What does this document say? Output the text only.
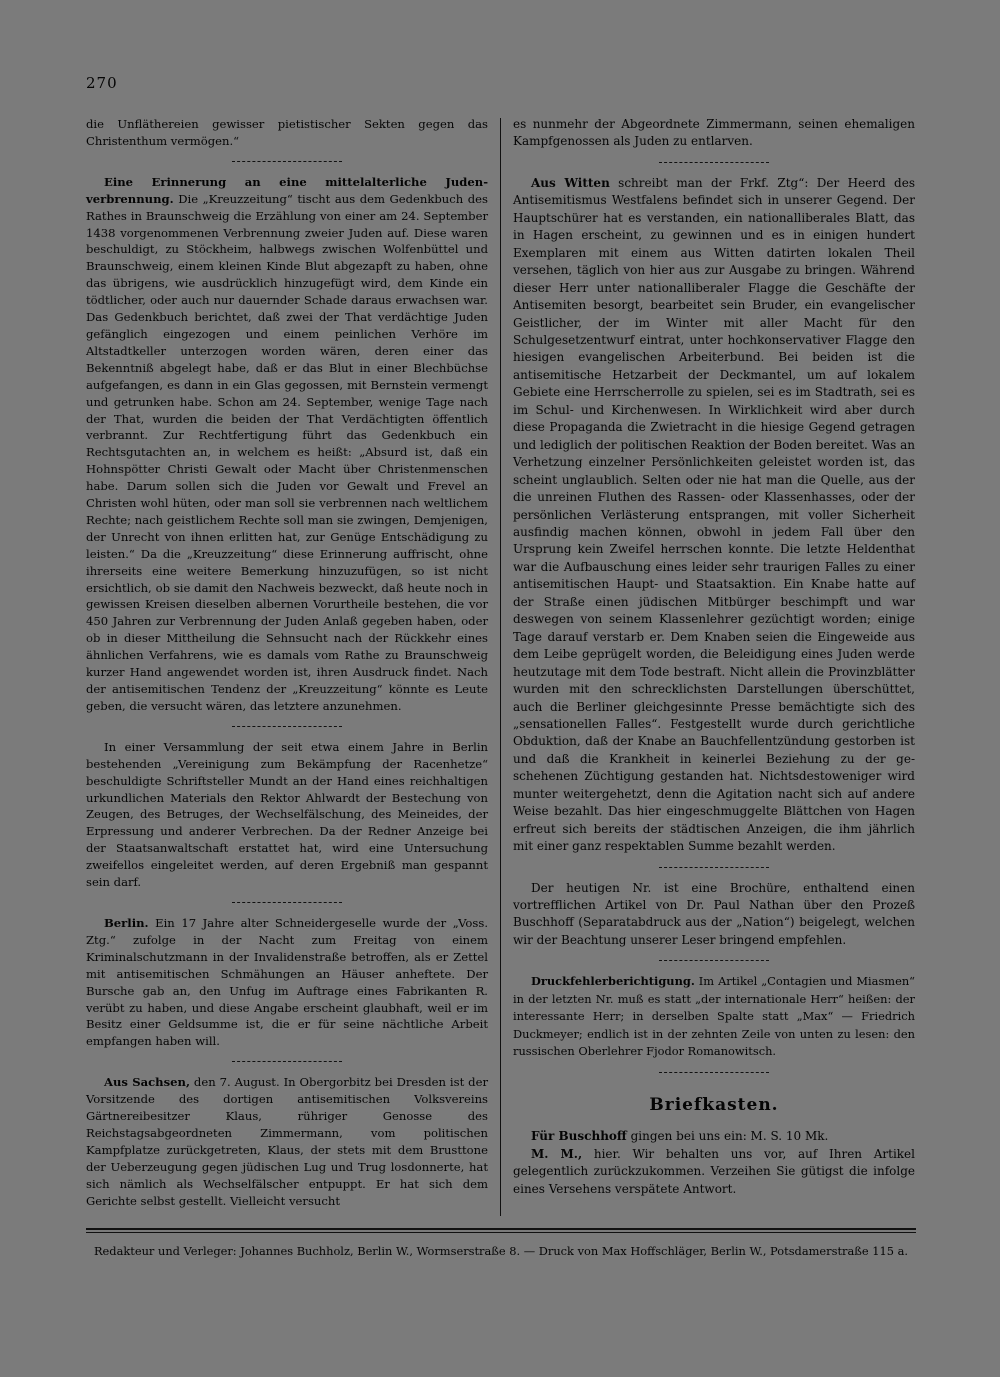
270

die Unfläthereien gewisser pietistischer Sekten gegen das Christenthum vermögen.“

Eine Erinnerung an eine mittelalterliche Judenverbrennung. Die „Kreuzzeitung“ tischt aus dem Gedenkbuch des Rathes in Braunschweig die Erzählung von einer am 24. September 1438 vorgenommenen Verbrennung zweier Juden auf. Diese waren beschuldigt, zu Stöckheim, halbwegs zwischen Wolfenbüttel und Braunschweig, einem kleinen Kinde Blut abgezapft zu haben, ohne das übrigens, wie ausdrücklich hinzugefügt wird, dem Kinde ein tödtlicher, oder auch nur dauernder Schade daraus erwachsen war. Das Gedenkbuch berichtet, daß zwei der That verdächtige Juden gefänglich eingezogen und einem peinlichen Verhöre im Altstadtkeller unterzogen worden wären, deren einer das Bekenntniß abgelegt habe, daß er das Blut in einer Blechbüchse aufgefangen, es dann in ein Glas gegossen, mit Bernstein vermengt und getrunken habe. Schon am 24. September, wenige Tage nach der That, wurden die beiden der That Verdächtigten öffentlich verbrannt. Zur Rechtfertigung führt das Gedenkbuch ein Rechtsgutachten an, in welchem es heißt: „Absurd ist, daß ein Hohnspötter Christi Gewalt oder Macht über Christenmenschen habe. Darum sollen sich die Juden vor Gewalt und Frevel an Christen wohl hüten, oder man soll sie verbrennen nach weltlichem Rechte; nach geistlichem Rechte soll man sie zwingen, Demjenigen, der Unrecht von ihnen erlitten hat, zur Genüge Entschädigung zu leisten.“ Da die „Kreuzzeitung“ diese Erinnerung auffrischt, ohne ihrerseits eine weitere Bemerkung hinzuzufügen, so ist nicht ersichtlich, ob sie damit den Nachweis bezweckt, daß heute noch in gewissen Kreisen dieselben albernen Vorurtheile bestehen, die vor 450 Jahren zur Verbrennung der Juden Anlaß gegeben haben, oder ob in dieser Mittheilung die Sehnsucht nach der Rückkehr eines ähnlichen Verfahrens, wie es damals vom Rathe zu Braunschweig kurzer Hand angewendet worden ist, ihren Ausdruck findet. Nach der antisemitischen Tendenz der „Kreuzzeitung“ könnte es Leute geben, die versucht wären, das letztere anzunehmen.

In einer Versammlung der seit etwa einem Jahre in Berlin bestehenden „Vereinigung zum Bekämpfung der Racenhetze“ beschuldigte Schriftsteller Mundt an der Hand eines reichhaltigen urkundlichen Materials den Rektor Ahlwardt der Bestechung von Zeugen, des Betruges, der Wechselfälschung, des Meineides, der Erpressung und anderer Verbrechen. Da der Redner Anzeige bei der Staatsanwaltschaft erstattet hat, wird eine Untersuchung zweifellos eingeleitet werden, auf deren Ergebniß man gespannt sein darf.

Berlin. Ein 17 Jahre alter Schneidergeselle wurde der „Voss. Ztg.“ zufolge in der Nacht zum Freitag von einem Kriminalschutzmann in der Invalidenstraße betroffen, als er Zettel mit antisemitischen Schmähungen an Häuser anheftete. Der Bursche gab an, den Unfug im Auftrage eines Fabrikanten R. verübt zu haben, und diese Angabe erscheint glaubhaft, weil er im Besitz einer Geldsumme ist, die er für seine nächtliche Arbeit empfangen haben will.

Aus Sachsen, den 7. August. In Obergorbitz bei Dresden ist der Vorsitzende des dortigen antisemitischen Volksvereins Gärtnereibesitzer Klaus, rühriger Genosse des Reichstagsabgeordneten Zimmermann, vom politischen Kampfplatze zurückgetreten, Klaus, der stets mit dem Brusttone der Ueberzeugung gegen jüdischen Lug und Trug losdonnerte, hat sich nämlich als Wechselfälscher entpuppt. Er hat sich dem Gerichte selbst gestellt. Vielleicht versucht

es nunmehr der Abgeordnete Zimmermann, seinen ehemaligen Kampfgenossen als Juden zu entlarven.

Aus Witten schreibt man der Frkf. Ztg“: Der Heerd des Antisemitismus Westfalens befindet sich in unserer Gegend. Der Hauptschürer hat es verstanden, ein nationalliberales Blatt, das in Hagen erscheint, zu gewinnen und es in einigen hundert Exemplaren mit einem aus Witten datirten lokalen Theil versehen, täglich von hier aus zur Ausgabe zu bringen. Während dieser Herr unter nationalliberaler Flagge die Geschäfte der Antisemiten besorgt, bearbeitet sein Bruder, ein evangelischer Geistlicher, der im Winter mit aller Macht für den Schulgesetzentwurf eintrat, unter hochkonservativer Flagge den hiesigen evangelischen Arbeiterbund. Bei beiden ist die antisemitische Hetzarbeit der Deckmantel, um auf lokalem Gebiete eine Herrscherrolle zu spielen, sei es im Stadtrath, sei es im Schul- und Kirchenwesen. In Wirklichkeit wird aber durch diese Propaganda die Zwietracht in die hiesige Gegend getragen und lediglich der politischen Reaktion der Boden bereitet. Was an Verhetzung einzelner Persönlichkeiten geleistet worden ist, das scheint unglaublich. Selten oder nie hat man die Quelle, aus der die unreinen Fluthen des Rassen- oder Klassenhasses, oder der persönlichen Verlästerung entsprangen, mit voller Sicherheit ausfindig machen können, obwohl in jedem Fall über den Ursprung kein Zweifel herrschen konnte. Die letzte Heldenthat war die Aufbauschung eines leider sehr traurigen Falles zu einer antisemitischen Haupt- und Staatsaktion. Ein Knabe hatte auf der Straße einen jüdischen Mitbürger beschimpft und war deswegen von seinem Klassenlehrer gezüchtigt worden; einige Tage darauf verstarb er. Dem Knaben seien die Eingeweide aus dem Leibe geprügelt worden, die Beleidigung eines Juden werde heutzutage mit dem Tode bestraft. Nicht allein die Provinzblätter wurden mit den schrecklichsten Darstellungen überschüttet, auch die Berliner gleichgesinnte Presse bemächtigte sich des „sensationellen Falles“. Festgestellt wurde durch gerichtliche Obduktion, daß der Knabe an Bauchfellentzündung gestorben ist und daß die Krankheit in keinerlei Beziehung zu der geschehenen Züchtigung gestanden hat. Nichtsdestoweniger wird munter weitergehetzt, denn die Agitation nacht sich auf andere Weise bezahlt. Das hier eingeschmuggelte Blättchen von Hagen erfreut sich bereits der städtischen Anzeigen, die ihm jährlich mit einer ganz respektablen Summe bezahlt werden.

Der heutigen Nr. ist eine Brochüre, enthaltend einen vortrefflichen Artikel von Dr. Paul Nathan über den Prozeß Buschhoff (Separatabdruck aus der „Nation“) beigelegt, welchen wir der Beachtung unserer Leser bringend empfehlen.

Druckfehlerberichtigung. Im Artikel „Contagien und Miasmen“ in der letzten Nr. muß es statt „der internationale Herr“ heißen: der interessante Herr; in derselben Spalte statt „Max“ — Friedrich Duckmeyer; endlich ist in der zehnten Zeile von unten zu lesen: den russischen Oberlehrer Fjodor Romanowitsch.

Briefkasten.

Für Buschhoff gingen bei uns ein: M. S. 10 Mk.

M. M., hier. Wir behalten uns vor, auf Ihren Artikel gelegentlich zurückzukommen. Verzeihen Sie gütigst die infolge eines Versehens verspätete Antwort.

Redakteur und Verleger: Johannes Buchholz, Berlin W., Wormserstraße 8. — Druck von Max Hoffschläger, Berlin W., Potsdamerstraße 115 a.
